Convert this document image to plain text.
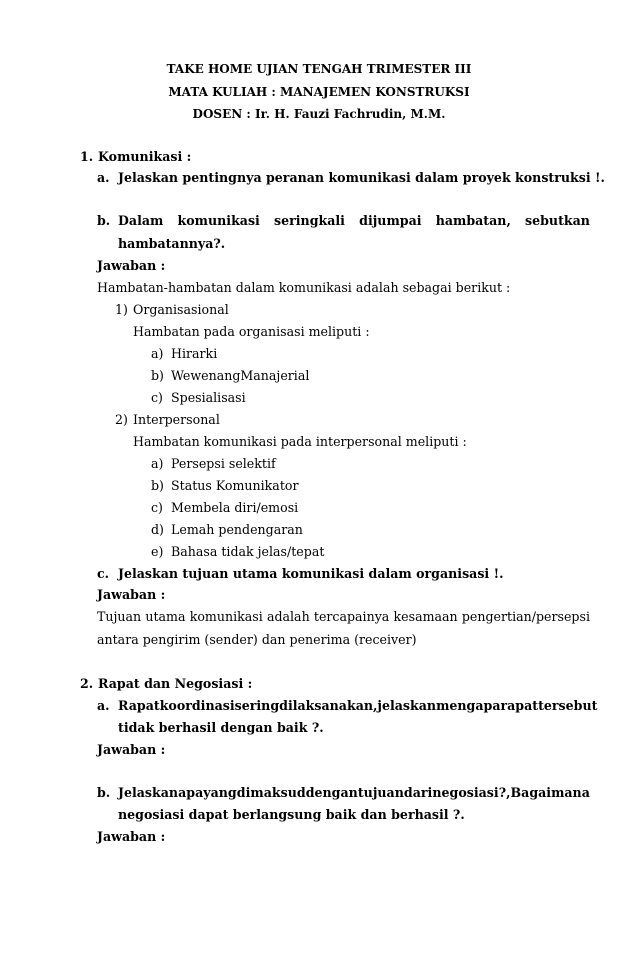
TAKE HOME UJIAN TENGAH TRIMESTER III
MATA KULIAH : MANAJEMEN KONSTRUKSI
DOSEN : Ir. H. Fauzi Fachrudin, M.M.
1. Komunikasi :
a. Jelaskan pentingnya peranan komunikasi dalam proyek konstruksi !.
b. Dalam komunikasi seringkali dijumpai hambatan, sebutkan
hambatannya?.
Jawaban :
Hambatan-hambatan dalam komunikasi adalah sebagai berikut :
1) Organisasional
Hambatan pada organisasi meliputi :
a) Hirarki
b) WewenangManajerial
c) Spesialisasi
2) Interpersonal
Hambatan komunikasi pada interpersonal meliputi :
a) Persepsi selektif
b) Status Komunikator
c) Membela diri/emosi
d) Lemah pendengaran
e) Bahasa tidak jelas/tepat
c. Jelaskan tujuan utama komunikasi dalam organisasi !.
Jawaban :
Tujuan utama komunikasi adalah tercapainya kesamaan pengertian/persepsi
antara pengirim (sender) dan penerima (receiver)
2. Rapat dan Negosiasi :
a. Rapat koordinasi sering dilaksanakan, jelaskan mengapa rapat tersebut
tidak berhasil dengan baik ?.
Jawaban :
b. Jelaskan apa yang dimaksud dengan tujuan dari negosiasi ?, Bagaimana
negosiasi dapat berlangsung baik dan berhasil ?.
Jawaban :
